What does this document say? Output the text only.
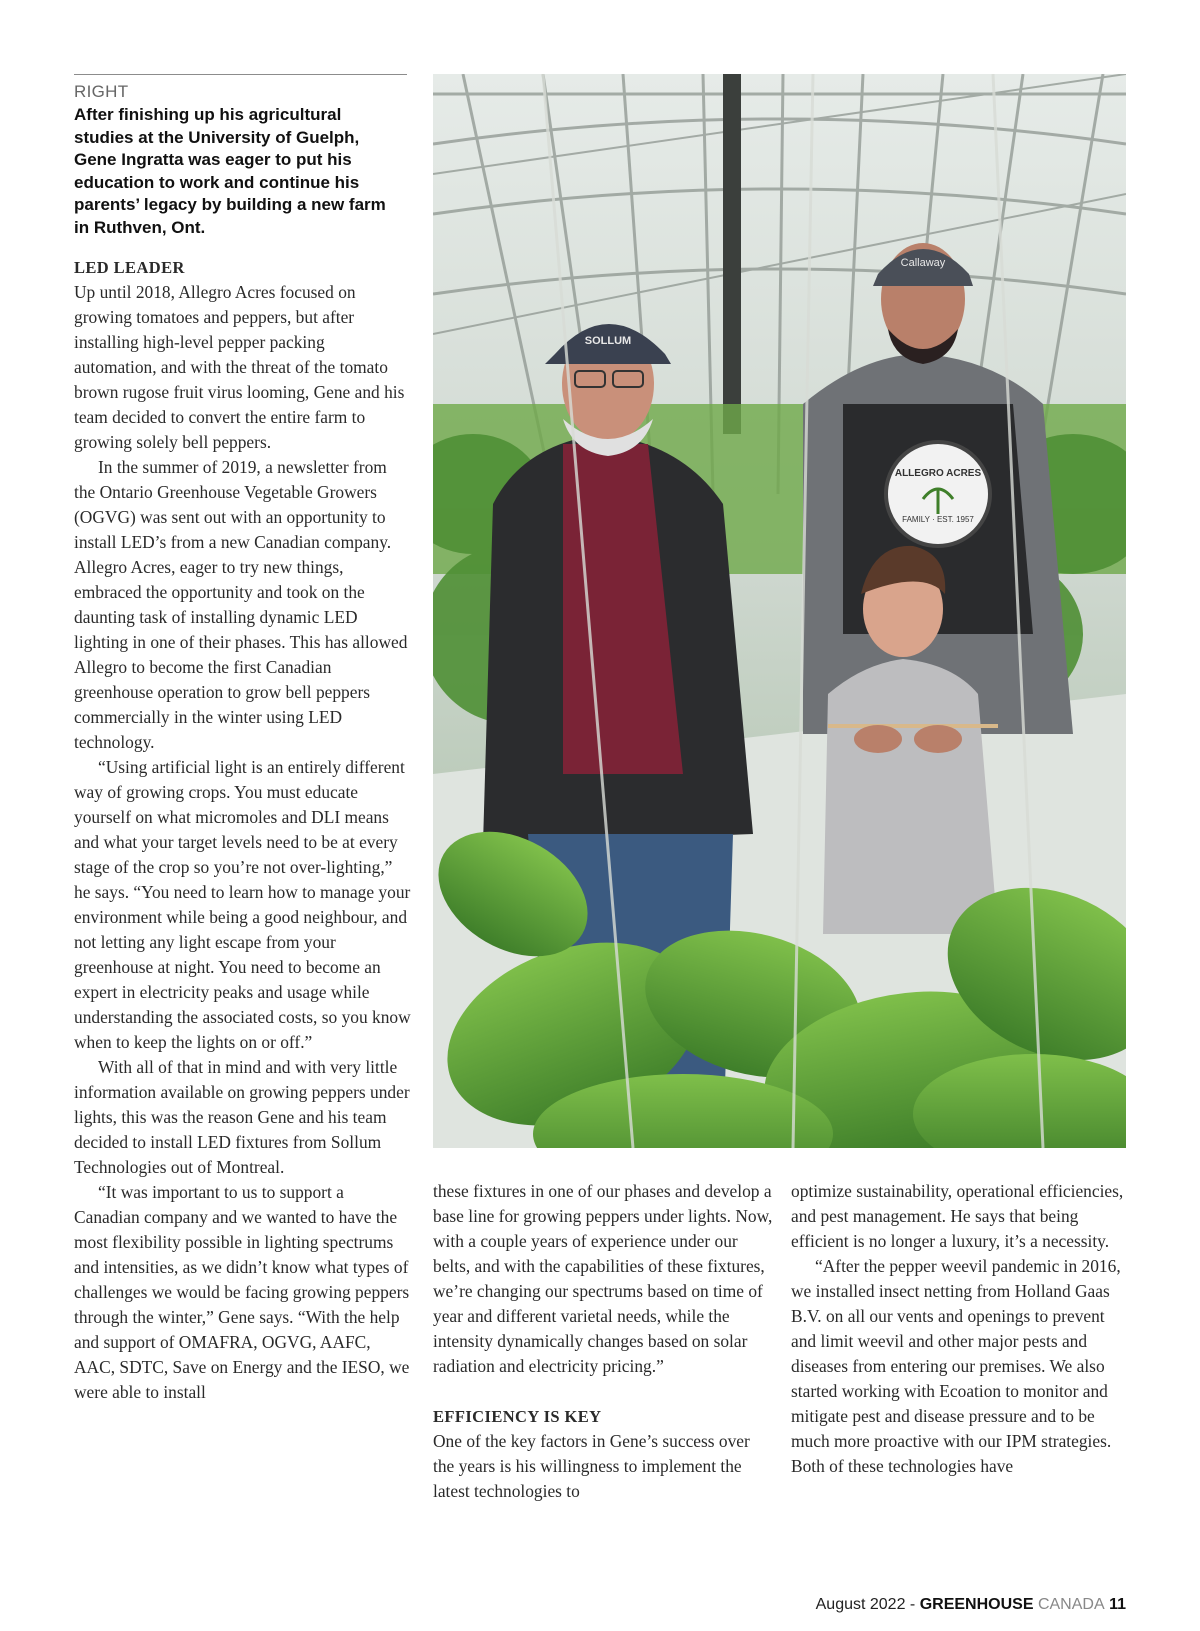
RIGHT
After finishing up his agricultural studies at the University of Guelph, Gene Ingratta was eager to put his education to work and continue his parents’ legacy by building a new farm in Ruthven, Ont.
LED LEADER

Up until 2018, Allegro Acres focused on growing tomatoes and peppers, but after installing high-level pepper packing automation, and with the threat of the tomato brown rugose fruit virus looming, Gene and his team decided to convert the entire farm to growing solely bell peppers.

In the summer of 2019, a newsletter from the Ontario Greenhouse Vegetable Growers (OGVG) was sent out with an opportunity to install LED’s from a new Canadian company. Allegro Acres, eager to try new things, embraced the opportunity and took on the daunting task of installing dynamic LED lighting in one of their phases. This has allowed Allegro to become the first Canadian greenhouse operation to grow bell peppers commercially in the winter using LED technology.

“Using artificial light is an entirely different way of growing crops. You must educate yourself on what micromoles and DLI means and what your target levels need to be at every stage of the crop so you’re not over-lighting,” he says. “You need to learn how to manage your environment while being a good neighbour, and not letting any light escape from your greenhouse at night. You need to become an expert in electricity peaks and usage while understanding the associated costs, so you know when to keep the lights on or off.”

With all of that in mind and with very little information available on growing peppers under lights, this was the reason Gene and his team decided to install LED fixtures from Sollum Technologies out of Montreal.

“It was important to us to support a Canadian company and we wanted to have the most flexibility possible in lighting spectrums and intensities, as we didn’t know what types of challenges we would be facing growing peppers through the winter,” Gene says. “With the help and support of OMAFRA, OGVG, AAFC, AAC, SDTC, Save on Energy and the IESO, we were able to install

SOLLUM
ALLEGRO ACRES
FAMILY · EST. 1957
Callaway

these fixtures in one of our phases and develop a base line for growing peppers under lights. Now, with a couple years of experience under our belts, and with the capabilities of these fixtures, we’re changing our spectrums based on time of year and different varietal needs, while the intensity dynamically changes based on solar radiation and electricity pricing.”

EFFICIENCY IS KEY

One of the key factors in Gene’s success over the years is his willingness to implement the latest technologies to

optimize sustainability, operational efficiencies, and pest management. He says that being efficient is no longer a luxury, it’s a necessity.

“After the pepper weevil pandemic in 2016, we installed insect netting from Holland Gaas B.V. on all our vents and openings to prevent and limit weevil and other major pests and diseases from entering our premises. We also started working with Ecoation to monitor and mitigate pest and disease pressure and to be much more proactive with our IPM strategies. Both of these technologies have

August 2022 - GREENHOUSE CANADA 11
